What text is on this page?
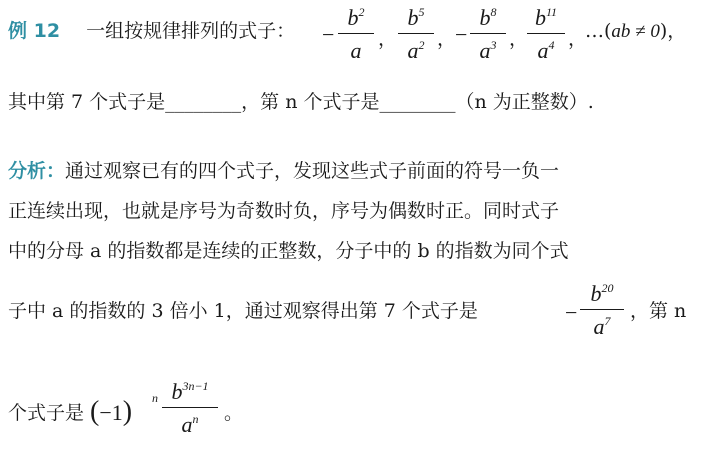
例 12 一组按规律排列的式子： −
$b^2$
a ，
$b^5$
$a^2$ ，
−
$b^8$
$a^3$ ，
$b^{11}$
$a^4$ ，
…(ab ≠ 0)，
其中第 7 个式子是________，第 n 个式子是________（n 为正整数）.
分析：通过观察已有的四个式子，发现这些式子前面的符号一负一
正连续出现，也就是序号为奇数时负，序号为偶数时正。同时式子
中的分母 a 的指数都是连续的正整数，分子中的 b 的指数为同个式
子中 a 的指数的 3 倍小 1，通过观察得出第 7 个式子是	−
$b^{20}$
$a^7$	，第 n
个式子是 (−1)
$b^{3n-1}$
$a^n$
n
。
